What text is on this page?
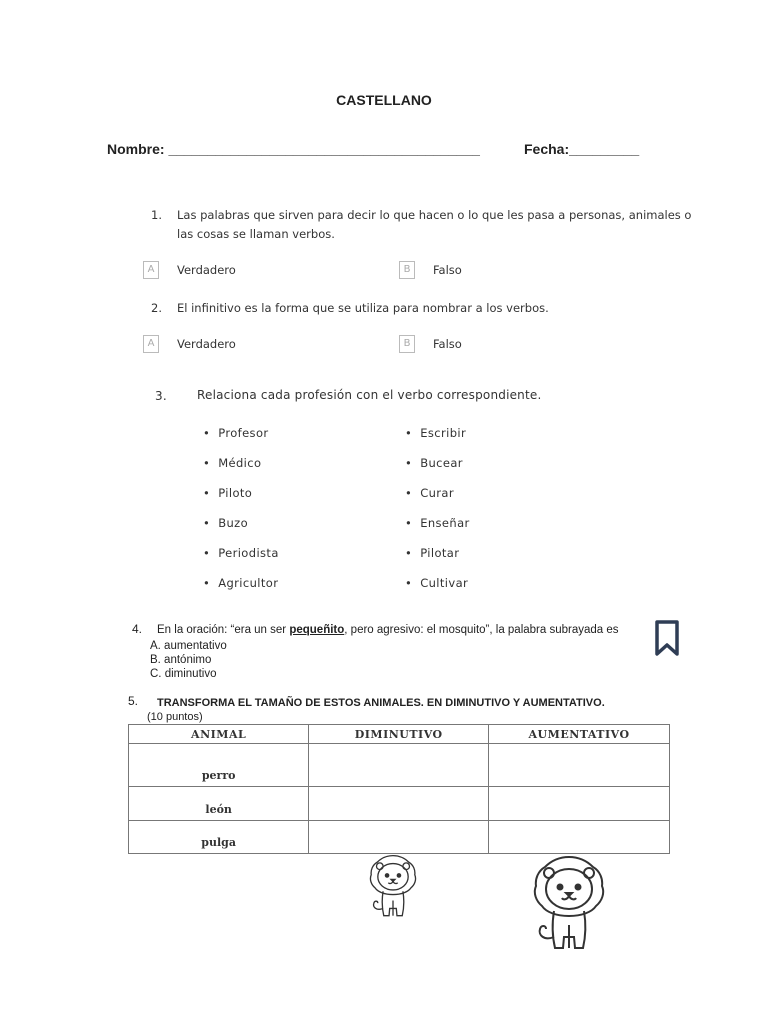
CASTELLANO
Nombre: ________________________________________	Fecha:_________
1. Las palabras que sirven para decir lo que hacen o lo que les pasa a personas, animales o
las cosas se llaman verbos.
A	Verdadero	B	Falso
2. El infinitivo es la forma que se utiliza para nombrar a los verbos.
A	Verdadero	B	Falso
3.	Relaciona cada profesión con el verbo correspondiente.
• Profesor
• Médico
• Piloto
• Buzo
• Periodista
• Agricultor
• Escribir
• Bucear
• Curar
• Enseñar
• Pilotar
• Cultivar
4. En la oración: “era un ser pequeñito, pero agresivo: el mosquito”, la palabra subrayada es
A. aumentativo
B. antónimo
C. diminutivo
5. TRANSFORMA EL TAMAÑO DE ESTOS ANIMALES. EN DIMINUTIVO Y AUMENTATIVO.
(10 puntos)
ANIMAL	DIMINUTIVO	AUMENTATIVO
perro		
león		
pulga		
